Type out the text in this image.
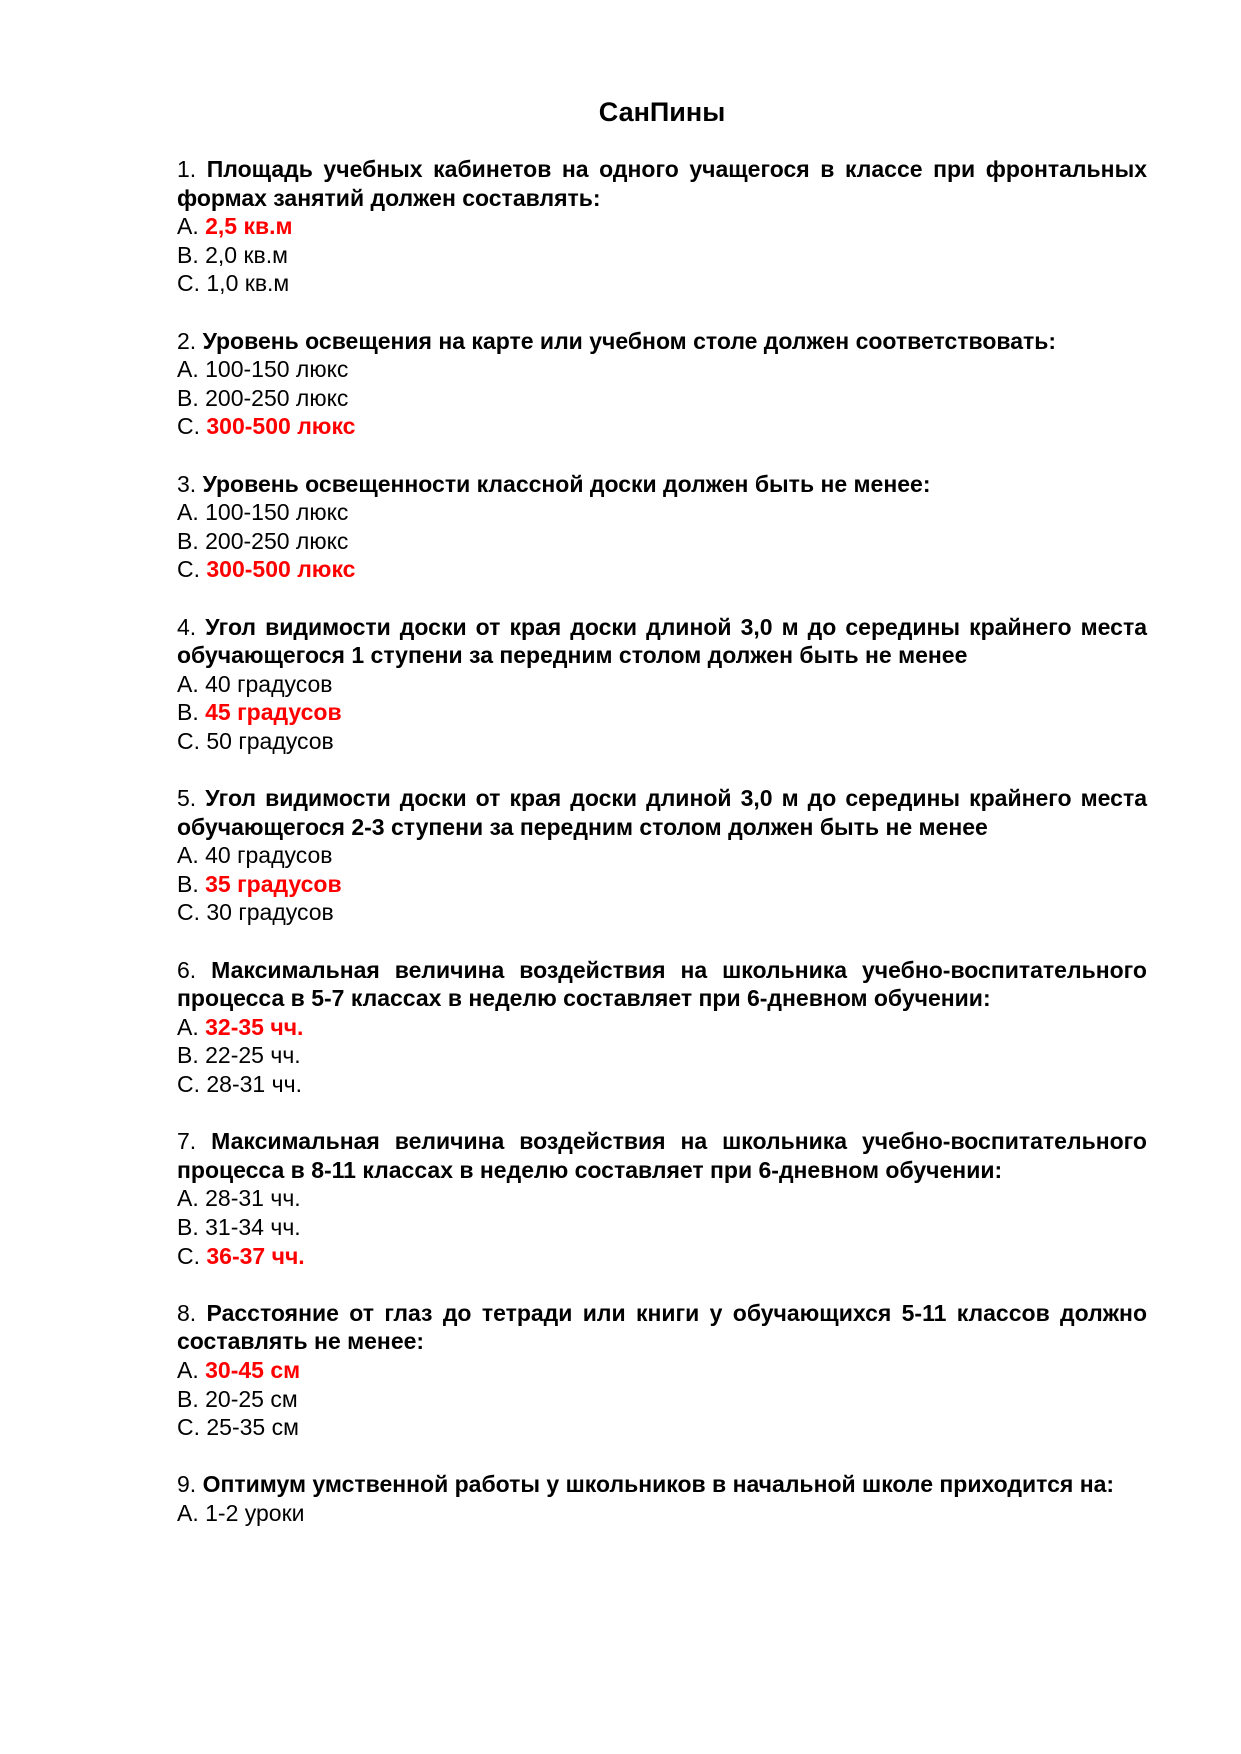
СанПины
1. Площадь учебных кабинетов на одного учащегося в классе при фронтальных формах занятий должен составлять:
A. 2,5 кв.м
B. 2,0 кв.м
C. 1,0 кв.м
2. Уровень освещения на карте или учебном столе должен соответствовать:
A. 100-150 люкс
B. 200-250 люкс
C. 300-500 люкс
3. Уровень освещенности классной доски должен быть не менее:
A. 100-150 люкс
B. 200-250 люкс
C. 300-500 люкс
4. Угол видимости доски от края доски длиной 3,0 м до середины крайнего места обучающегося 1 ступени за передним столом должен быть не менее
A. 40 градусов
B. 45 градусов
C. 50 градусов
5. Угол видимости доски от края доски длиной 3,0 м до середины крайнего места обучающегося 2-3 ступени за передним столом должен быть не менее
A. 40 градусов
B. 35 градусов
C. 30 градусов
6. Максимальная величина воздействия на школьника учебно-воспитательного процесса в 5-7 классах в неделю составляет при 6-дневном обучении:
A. 32-35 чч.
B. 22-25 чч.
C. 28-31 чч.
7. Максимальная величина воздействия на школьника учебно-воспитательного процесса в 8-11 классах в неделю составляет при 6-дневном обучении:
A. 28-31 чч.
B. 31-34 чч.
C. 36-37 чч.
8. Расстояние от глаз до тетради или книги у обучающихся 5-11 классов должно составлять не менее:
A. 30-45 см
B. 20-25 см
C. 25-35 см
9. Оптимум умственной работы у школьников в начальной школе приходится на:
A. 1-2 уроки
